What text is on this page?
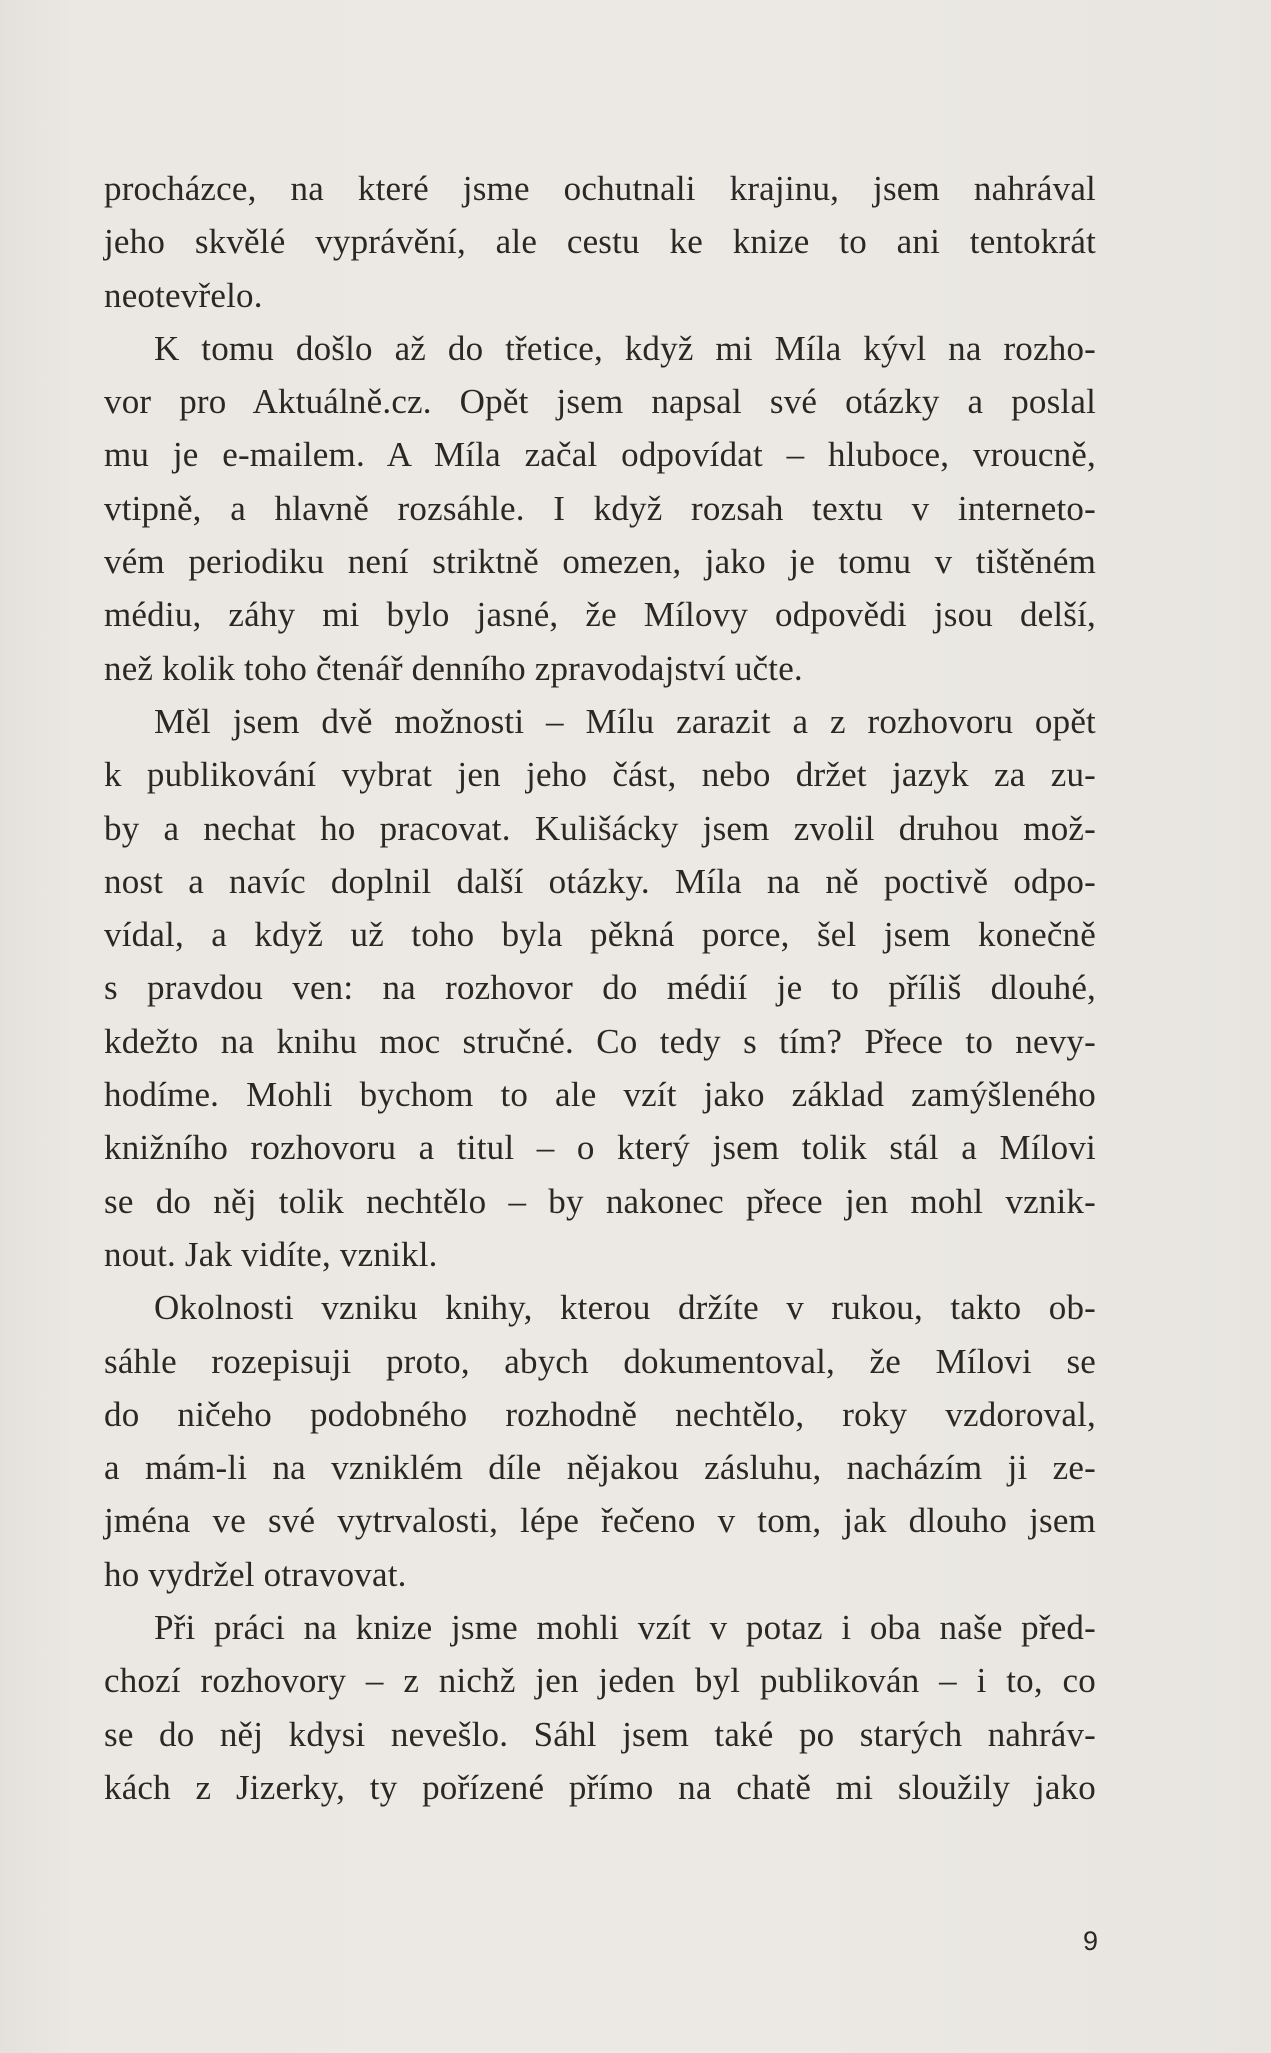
procházce, na které jsme ochutnali krajinu, jsem nahrával
jeho skvělé vyprávění, ale cestu ke knize to ani tentokrát
neotevřelo.
K tomu došlo až do třetice, když mi Míla kývl na rozho-
vor pro Aktuálně.cz. Opět jsem napsal své otázky a poslal
mu je e-mailem. A Míla začal odpovídat – hluboce, vroucně,
vtipně, a hlavně rozsáhle. I když rozsah textu v interneto-
vém periodiku není striktně omezen, jako je tomu v tištěném
médiu, záhy mi bylo jasné, že Mílovy odpovědi jsou delší,
než kolik toho čtenář denního zpravodajství učte.
Měl jsem dvě možnosti – Mílu zarazit a z rozhovoru opět
k publikování vybrat jen jeho část, nebo držet jazyk za zu-
by a nechat ho pracovat. Kulišácky jsem zvolil druhou mož-
nost a navíc doplnil další otázky. Míla na ně poctivě odpo-
vídal, a když už toho byla pěkná porce, šel jsem konečně
s pravdou ven: na rozhovor do médií je to příliš dlouhé,
kdežto na knihu moc stručné. Co tedy s tím? Přece to nevy-
hodíme. Mohli bychom to ale vzít jako základ zamýšleného
knižního rozhovoru a titul – o který jsem tolik stál a Mílovi
se do něj tolik nechtělo – by nakonec přece jen mohl vznik-
nout. Jak vidíte, vznikl.
Okolnosti vzniku knihy, kterou držíte v rukou, takto ob-
sáhle rozepisuji proto, abych dokumentoval, že Mílovi se
do ničeho podobného rozhodně nechtělo, roky vzdoroval,
a mám-li na vzniklém díle nějakou zásluhu, nacházím ji ze-
jména ve své vytrvalosti, lépe řečeno v tom, jak dlouho jsem
ho vydržel otravovat.
Při práci na knize jsme mohli vzít v potaz i oba naše před-
chozí rozhovory – z nichž jen jeden byl publikován – i to, co
se do něj kdysi nevešlo. Sáhl jsem také po starých nahráv-
kách z Jizerky, ty pořízené přímo na chatě mi sloužily jako
9
